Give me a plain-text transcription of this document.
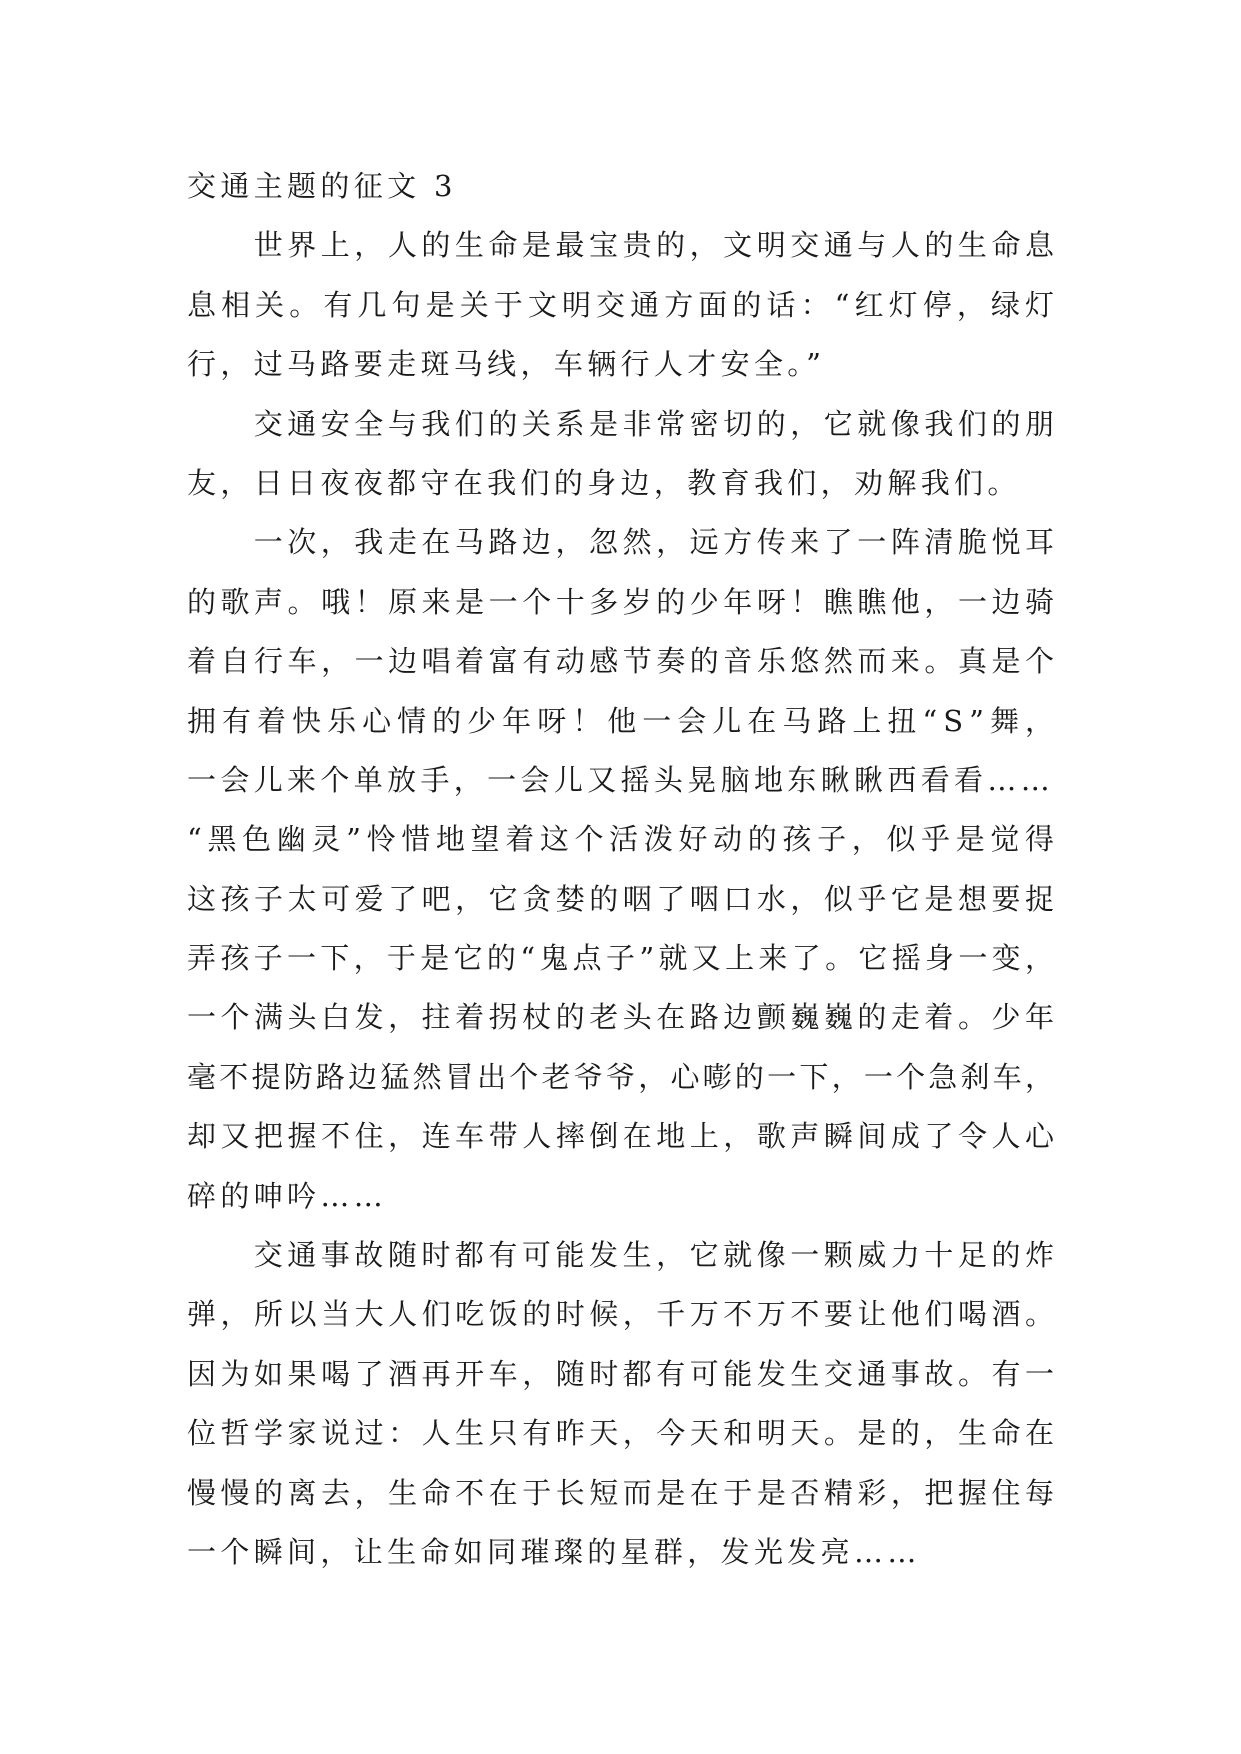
交通主题的征文 3
世界上，人的生命是最宝贵的，文明交通与人的生命息
息相关。有几句是关于文明交通方面的话：“红灯停，绿灯
行，过马路要走斑马线，车辆行人才安全。”
交通安全与我们的关系是非常密切的，它就像我们的朋
友，日日夜夜都守在我们的身边，教育我们，劝解我们。
一次，我走在马路边，忽然，远方传来了一阵清脆悦耳
的歌声。哦！原来是一个十多岁的少年呀！瞧瞧他，一边骑
着自行车，一边唱着富有动感节奏的音乐悠然而来。真是个
拥有着快乐心情的少年呀！他一会儿在马路上扭“S”舞，
一会儿来个单放手，一会儿又摇头晃脑地东瞅瞅西看看……
“黑色幽灵”怜惜地望着这个活泼好动的孩子，似乎是觉得
这孩子太可爱了吧，它贪婪的咽了咽口水，似乎它是想要捉
弄孩子一下，于是它的“鬼点子”就又上来了。它摇身一变，
一个满头白发，拄着拐杖的老头在路边颤巍巍的走着。少年
毫不提防路边猛然冒出个老爷爷，心嘭的一下，一个急刹车，
却又把握不住，连车带人摔倒在地上，歌声瞬间成了令人心
碎的呻吟……
交通事故随时都有可能发生，它就像一颗威力十足的炸
弹，所以当大人们吃饭的时候，千万不万不要让他们喝酒。
因为如果喝了酒再开车，随时都有可能发生交通事故。有一
位哲学家说过：人生只有昨天，今天和明天。是的，生命在
慢慢的离去，生命不在于长短而是在于是否精彩，把握住每
一个瞬间，让生命如同璀璨的星群，发光发亮……
